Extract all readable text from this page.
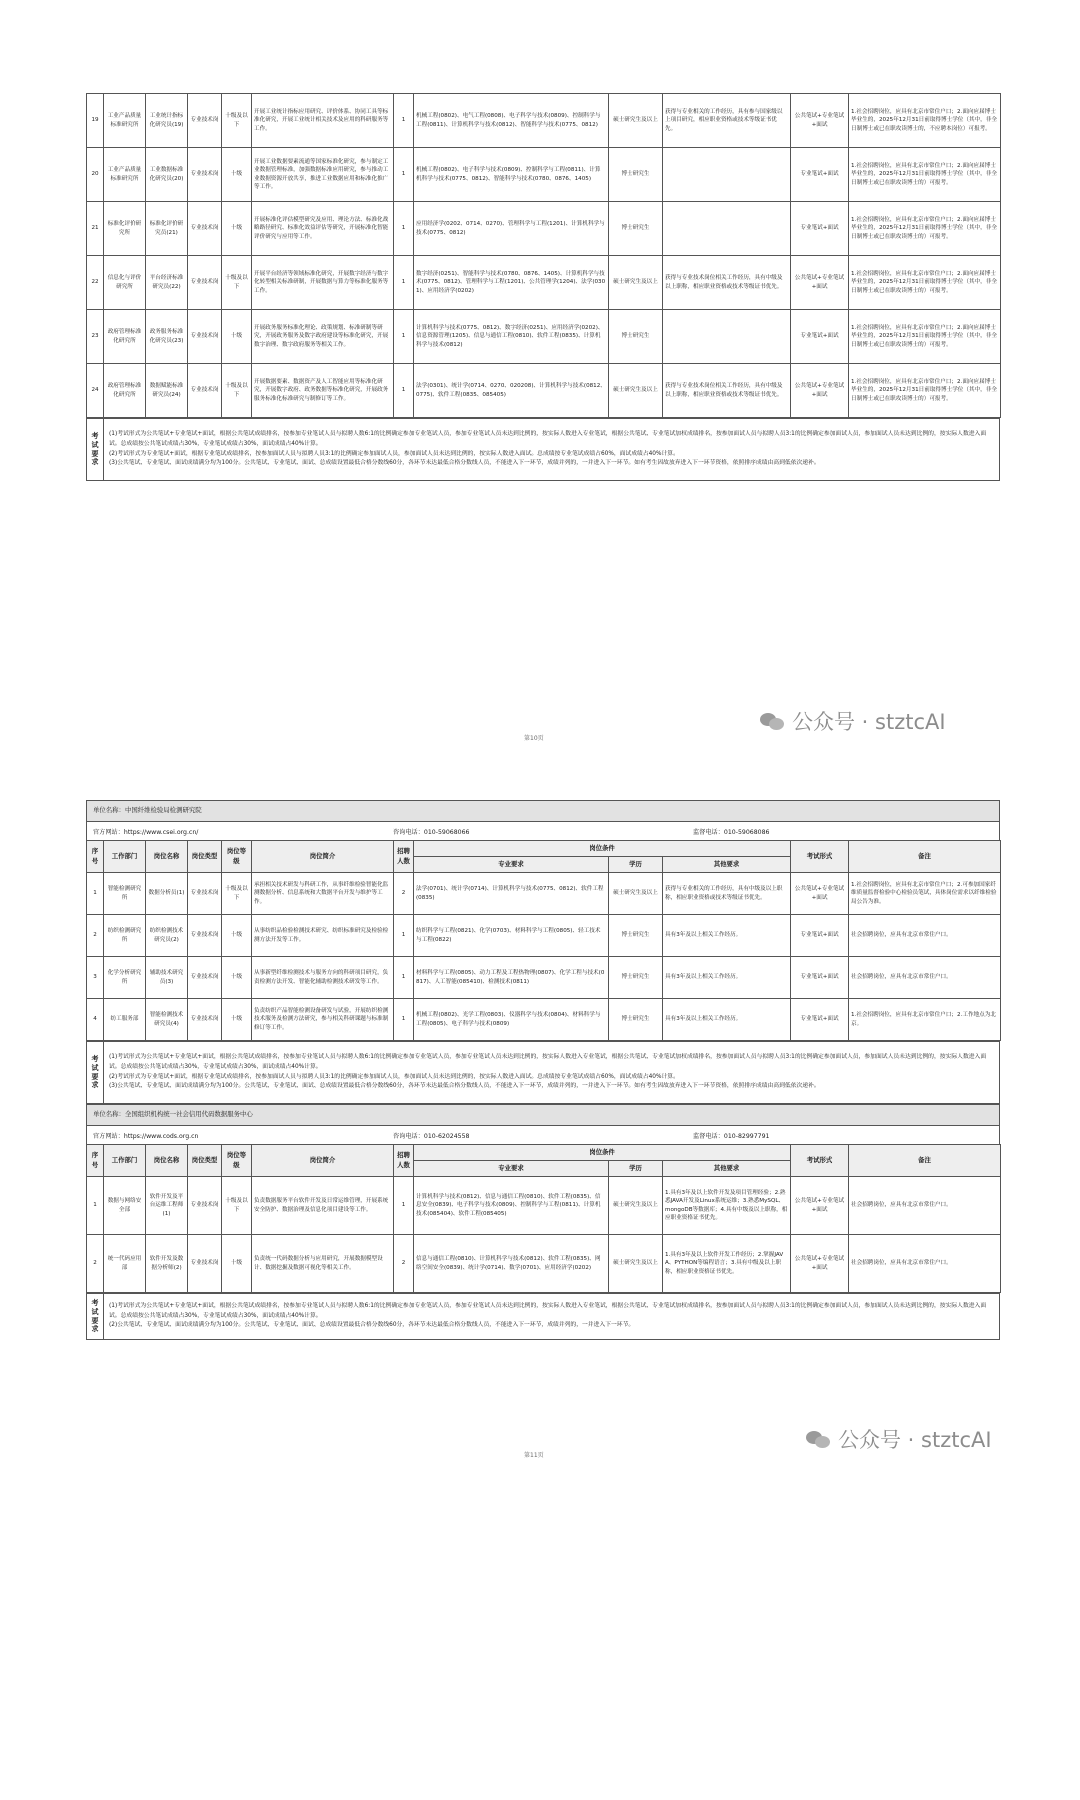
19	工业产品质量标准研究所	工业统计指标化研究员(19)	专业技术岗	十级及以下	开展工业统计指标应用研究、评价体系、协同工具等标准化研究，开展工业统计相关技术及应用的科研服务等工作。	1	机械工程(0802)、电气工程(0808)、电子科学与技术(0809)、控制科学与工程(0811)、计算机科学与技术(0812)、智能科学与技术(0775、0812)	硕士研究生及以上	获得与专业相关的工作经历，具有参与国家级以上项目研究，相应职业资格或技术等级证书优先。	公共笔试+专业笔试+面试	1.社会招聘岗位，应具有北京市常住户口；2.面向应届博士毕业生的，2025年12月31日前取得博士学位（其中，非全日制博士或已在职攻读博士的，不应聘本岗位）可报考。
20	工业产品质量标准研究所	工业数据标准化研究员(20)	专业技术岗	十级	开展工业数据要素流通等国家标准化研究，参与制定工业数据管理标准，加强数据标准应用研究，参与推动工业数据资源开放共享，推进工业数据应用和标准化推广等工作。	1	机械工程(0802)、电子科学与技术(0809)、控制科学与工程(0811)、计算机科学与技术(0775、0812)、智能科学与技术(0780、0876、1405)	博士研究生		专业笔试+面试	1.社会招聘岗位，应具有北京市常住户口；2.面向应届博士毕业生的，2025年12月31日前取得博士学位（其中，非全日制博士或已在职攻读博士的）可报考。
21	标准化评价研究所	标准化评价研究员(21)	专业技术岗	十级	开展标准化评估模型研究及应用、理论方法、标准化战略路径研究、标准化效益评估等研究，开展标准化智能评价研究与应用等工作。	1	应用经济学(0202、0714、0270)、管理科学与工程(1201)、计算机科学与技术(0775、0812)	博士研究生		专业笔试+面试	1.社会招聘岗位，应具有北京市常住户口；2.面向应届博士毕业生的，2025年12月31日前取得博士学位（其中，非全日制博士或已在职攻读博士的）可报考。
22	信息化与评价研究所	平台经济标准研究员(22)	专业技术岗	十级及以下	开展平台经济等领域标准化研究，开展数字经济与数字化转型相关标准研制，开展数据与算力等标准化服务等工作。	1	数字经济(0251)、智能科学与技术(0780、0876、1405)、计算机科学与技术(0775、0812)、管理科学与工程(1201)、公共管理学(1204)、法学(0301)、应用经济学(0202)	硕士研究生及以上	获得与专业技术岗位相关工作经历，具有中级及以上职称，相应职业资格或技术等级证书优先。	公共笔试+专业笔试+面试	1.社会招聘岗位，应具有北京市常住户口；2.面向应届博士毕业生的，2025年12月31日前取得博士学位（其中，非全日制博士或已在职攻读博士的）可报考。
23	政府管理标准化研究所	政务服务标准化研究员(23)	专业技术岗	十级	开展政务服务标准化理论、政策规划、标准研制等研究，开展政务服务及数字政府建设等标准化研究，开展数字治理、数字政府服务等相关工作。	1	计算机科学与技术(0775、0812)、数字经济(0251)、应用经济学(0202)、信息资源管理(1205)、信息与通信工程(0810)、软件工程(0835)、计算机科学与技术(0812)	博士研究生		专业笔试+面试	1.社会招聘岗位，应具有北京市常住户口；2.面向应届博士毕业生的，2025年12月31日前取得博士学位（其中，非全日制博士或已在职攻读博士的）可报考。
24	政府管理标准化研究所	数据赋能标准研究员(24)	专业技术岗	十级及以下	开展数据要素、数据资产及人工智能应用等标准化研究，开展数字政府、政务数据等标准化研究，开展政务服务标准化标准研究与制修订等工作。	1	法学(0301)、统计学(0714、0270、020208)、计算机科学与技术(0812、0775)、软件工程(0835、085405)	硕士研究生及以上	获得与专业技术岗位相关工作经历，具有中级及以上职称，相应职业资格或技术等级证书优先。	公共笔试+专业笔试+面试	1.社会招聘岗位，应具有北京市常住户口；2.面向应届博士毕业生的，2025年12月31日前取得博士学位（其中，非全日制博士或已在职攻读博士的）可报考。
考试要求	
(1)考试形式为公共笔试+专业笔试+面试，根据公共笔试成绩排名，按参加专业笔试人员与拟聘人数6:1的比例确定参加专业笔试人员，参加专业笔试人员未达到比例的，按实际人数进入专业笔试，根据公共笔试、专业笔试加权成绩排名，按参加面试人员与拟聘人员3:1的比例确定参加面试人员，参加面试人员未达到比例的，按实际人数进入面试。总成绩按公共笔试成绩占30%，专业笔试成绩占30%，面试成绩占40%计算。
(2)考试形式为专业笔试+面试，根据专业笔试成绩排名，按参加面试人员与拟聘人员3:1的比例确定参加面试人员，参加面试人员未达到比例的，按实际人数进入面试。总成绩按专业笔试成绩占60%，面试成绩占40%计算。
(3)公共笔试、专业笔试、面试成绩满分均为100分。公共笔试、专业笔试、面试、总成绩设置最低合格分数线60分，各环节未达最低合格分数线人员，不能进入下一环节，成绩并列的，一并进入下一环节。如有考生因故放弃进入下一环节资格，依照排序成绩由高到低依次递补。
第10页
公众号 · stztcAI
单位名称：中国纤维检验局检测研究院
官方网站：https://www.csei.org.cn/	咨询电话：010-59068066	监督电话：010-59068086
序号	工作部门	岗位名称	岗位类型	岗位等级	岗位简介	招聘人数	岗位条件			考试形式	备注
							专业要求	学历	其他要求		
1	智能检测研究所	数据分析员(1)	专业技术岗	十级及以下	承担相关技术研发与科研工作，从事纤维检验智能化监测数据分析、信息系统和大数据平台开发与维护等工作。	2	法学(0701)、统计学(0714)、计算机科学与技术(0775、0812)、软件工程(0835)	硕士研究生及以上	获得与专业相关的工作经历，具有中级及以上职称，相应职业资格或技术等级证书优先。	公共笔试+专业笔试+面试	1.社会招聘岗位，应具有北京市常住户口；2.可参加国家纤维质量监督检验中心检验员笔试，具体岗位需求以纤维检验局公告为准。
2	纺织检测研究所	纺织检测技术研究员(2)	专业技术岗	十级	从事纺织品检验检测技术研究、纺织标准研究及检验检测方法开发等工作。	1	纺织科学与工程(0821)、化学(0703)、材料科学与工程(0805)、轻工技术与工程(0822)	博士研究生	具有3年及以上相关工作经历。	专业笔试+面试	社会招聘岗位，应具有北京市常住户口。
3	化学分析研究所	辅助技术研究员(3)	专业技术岗	十级	从事新型纤维检测技术与服务方向的科研项目研究，负责检测方法开发、智能化辅助检测技术研发等工作。	1	材料科学与工程(0805)、动力工程及工程热物理(0807)、化学工程与技术(0817)、人工智能(085410)、检测技术(0811)	博士研究生	具有3年及以上相关工作经历。	专业笔试+面试	社会招聘岗位，应具有北京市常住户口。
4	纺工服务部	智能检测技术研究员(4)	专业技术岗	十级	负责纺织产品智能检测设备研发与试验，开展纺织检测技术服务及检测方法研究，参与相关科研课题与标准制修订等工作。	1	机械工程(0802)、光学工程(0803)、仪器科学与技术(0804)、材料科学与工程(0805)、电子科学与技术(0809)	博士研究生	具有3年及以上相关工作经历。	专业笔试+面试	1.社会招聘岗位，应具有北京市常住户口；2.工作地点为北京。
考试要求	
(1)考试形式为公共笔试+专业笔试+面试，根据公共笔试成绩排名，按参加专业笔试人员与拟聘人数6:1的比例确定参加专业笔试人员，参加专业笔试人员未达到比例的，按实际人数进入专业笔试，根据公共笔试、专业笔试加权成绩排名，按参加面试人员与拟聘人员3:1的比例确定参加面试人员，参加面试人员未达到比例的，按实际人数进入面试。总成绩按公共笔试成绩占30%，专业笔试成绩占30%，面试成绩占40%计算。
(2)考试形式为专业笔试+面试，根据专业笔试成绩排名，按参加面试人员与拟聘人员3:1的比例确定参加面试人员，参加面试人员未达到比例的，按实际人数进入面试。总成绩按专业笔试成绩占60%，面试成绩占40%计算。
(3)公共笔试、专业笔试、面试成绩满分均为100分。公共笔试、专业笔试、面试、总成绩设置最低合格分数线60分，各环节未达最低合格分数线人员，不能进入下一环节，成绩并列的，一并进入下一环节。如有考生因故放弃进入下一环节资格，依照排序成绩由高到低依次递补。
单位名称：全国组织机构统一社会信用代码数据服务中心
官方网站：https://www.cods.org.cn	咨询电话：010-62024558	监督电话：010-82997791
序号	工作部门	岗位名称	岗位类型	岗位等级	岗位简介	招聘人数	岗位条件			考试形式	备注
							专业要求	学历	其他要求		
1	数据与网络安全部	软件开发及平台运维工程师(1)	专业技术岗	十级及以下	负责数据服务平台软件开发及日常运维管理，开展系统安全防护、数据治理及信息化项目建设等工作。	1	计算机科学与技术(0812)、信息与通信工程(0810)、软件工程(0835)、信息安全(0839)、电子科学与技术(0809)、控制科学与工程(0811)、计算机技术(085404)、软件工程(085405)	硕士研究生及以上	1.具有3年及以上软件开发及项目管理经验；2.熟悉JAVA开发及Linux系统运维；3.熟悉MySQL、mongoDB等数据库；4.具有中级及以上职称，相应职业资格证书优先。	公共笔试+专业笔试+面试	社会招聘岗位，应具有北京市常住户口。
2	统一代码应用部	软件开发及数据分析师(2)	专业技术岗	十级	负责统一代码数据分析与应用研究，开展数据模型设计、数据挖掘及数据可视化等相关工作。	2	信息与通信工程(0810)、计算机科学与技术(0812)、软件工程(0835)、网络空间安全(0839)、统计学(0714)、数学(0701)、应用经济学(0202)	硕士研究生及以上	1.具有3年及以上软件开发工作经历；2.掌握JAVA、PYTHON等编程语言；3.具有中级及以上职称，相应职业资格证书优先。	公共笔试+专业笔试+面试	社会招聘岗位，应具有北京市常住户口。
考试要求	
(1)考试形式为公共笔试+专业笔试+面试，根据公共笔试成绩排名，按参加专业笔试人员与拟聘人数6:1的比例确定参加专业笔试人员，参加专业笔试人员未达到比例的，按实际人数进入专业笔试，根据公共笔试、专业笔试加权成绩排名，按参加面试人员与拟聘人员3:1的比例确定参加面试人员，参加面试人员未达到比例的，按实际人数进入面试。总成绩按公共笔试成绩占30%，专业笔试成绩占30%，面试成绩占40%计算。
(2)公共笔试、专业笔试、面试成绩满分均为100分。公共笔试、专业笔试、面试、总成绩设置最低合格分数线60分，各环节未达最低合格分数线人员，不能进入下一环节，成绩并列的，一并进入下一环节。
第11页
公众号 · stztcAI
